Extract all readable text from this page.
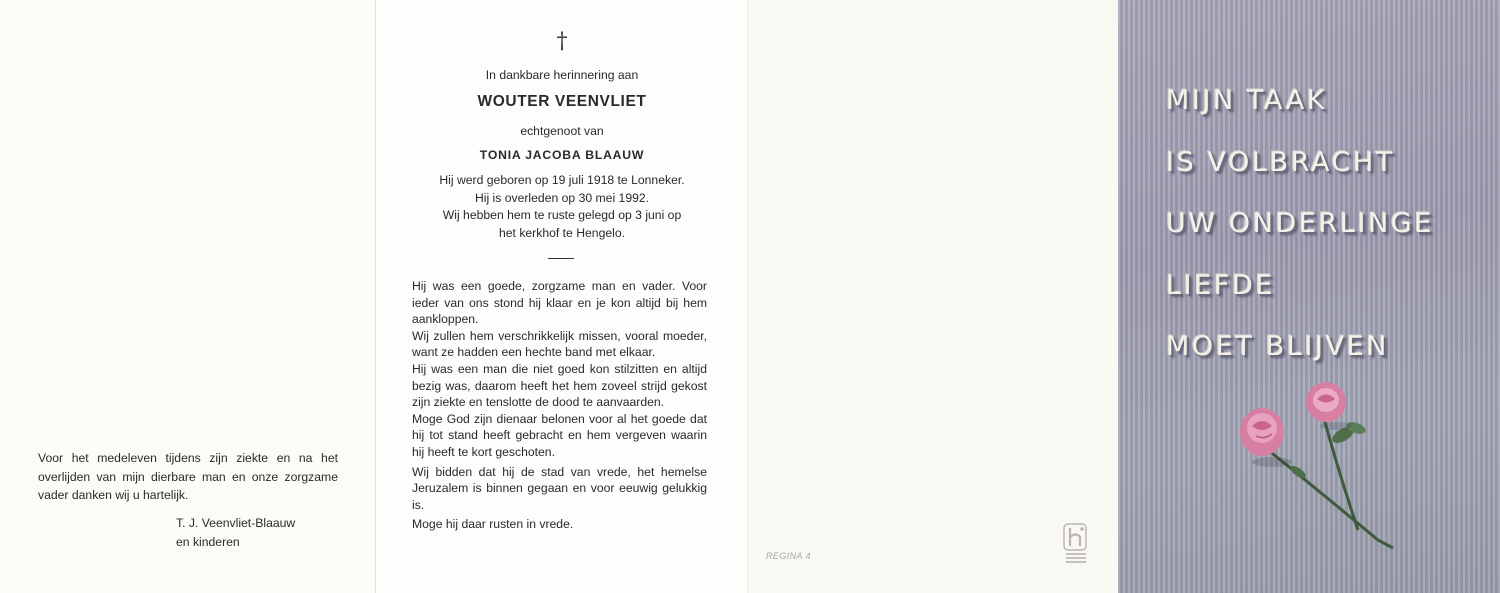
Voor het medeleven tijdens zijn ziekte en na het overlijden van mijn dierbare man en onze zorgzame vader danken wij u hartelijk.

T. J. Veenvliet-Blaauw
en kinderen
†
In dankbare herinnering aan
WOUTER VEENVLIET
echtgenoot van
TONIA JACOBA BLAAUW
Hij werd geboren op 19 juli 1918 te Lonneker.
Hij is overleden op 30 mei 1992.
Wij hebben hem te ruste gelegd op 3 juni op
het kerkhof te Hengelo.

Hij was een goede, zorgzame man en vader. Voor ieder van ons stond hij klaar en je kon altijd bij hem aankloppen.

Wij zullen hem verschrikkelijk missen, vooral moeder, want ze hadden een hechte band met elkaar.

Hij was een man die niet goed kon stilzitten en altijd bezig was, daarom heeft het hem zoveel strijd gekost zijn ziekte en tenslotte de dood te aanvaarden.

Moge God zijn dienaar belonen voor al het goede dat hij tot stand heeft gebracht en hem vergeven waarin hij heeft te kort geschoten.

Wij bidden dat hij de stad van vrede, het hemelse Jeruzalem is binnen gegaan en voor eeuwig gelukkig is.

Moge hij daar rusten in vrede.

REGINA 4
MIJN TAAK
IS VOLBRACHT
UW ONDERLINGE
LIEFDE
MOET BLIJVEN
